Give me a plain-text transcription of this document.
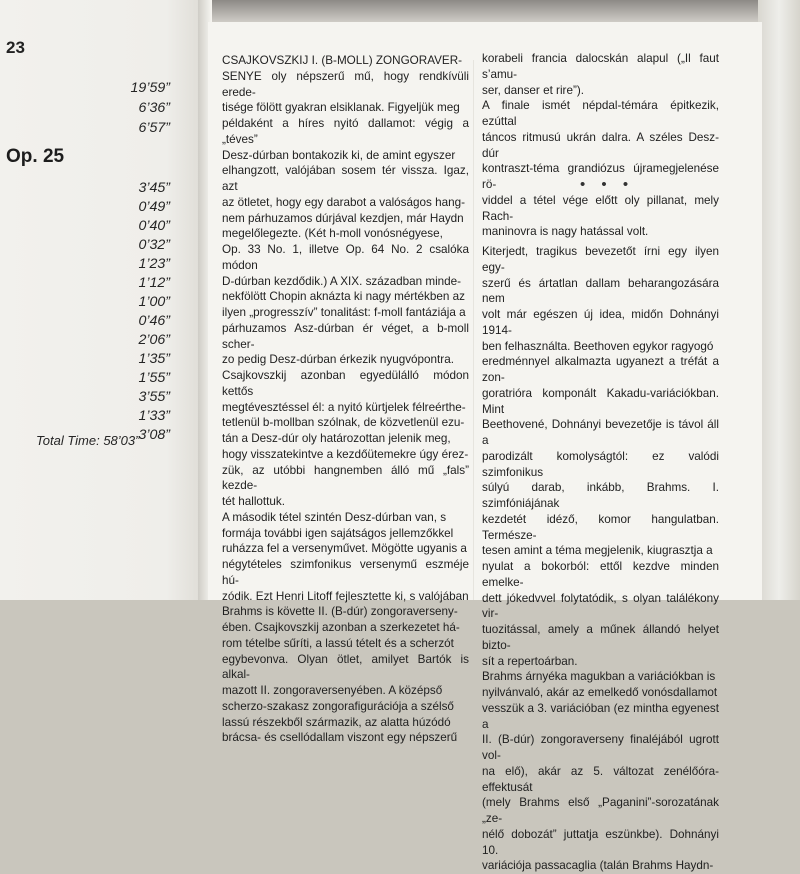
23
19’59”
6’36”
6’57”
Op. 25
3’45”
0’49”
0’40”
0’32”
1’23”
1’12”
1’00”
0’46”
2’06”
1’35”
1’55”
3’55”
1’33”
3’08”
Total Time: 58’03”

CSAJKOVSZKIJ I. (B-MOLL) ZONGORAVER-

SENYE oly népszerű mű, hogy rendkívüli erede-

tisége fölött gyakran elsiklanak. Figyeljük meg

példaként a híres nyitó dallamot: végig a „téves”

Desz-dúrban bontakozik ki, de amint egyszer

elhangzott, valójában sosem tér vissza. Igaz, azt

az ötletet, hogy egy darabot a valóságos hang-

nem párhuzamos dúrjával kezdjen, már Haydn

megelőlegezte. (Két h-moll vonósnégyese,

Op. 33 No. 1, illetve Op. 64 No. 2 csalóka módon

D-dúrban kezdődik.) A XIX. században minde-

nekfölött Chopin aknázta ki nagy mértékben az

ilyen „progresszív” tonalitást: f-moll fantáziája a

párhuzamos Asz-dúrban ér véget, a b-moll scher-

zo pedig Desz-dúrban érkezik nyugvópontra.

Csajkovszkij azonban egyedülálló módon kettős

megtévesztéssel él: a nyitó kürtjelek félreérthe-

tetlenül b-mollban szólnak, de közvetlenül ezu-

tán a Desz-dúr oly határozottan jelenik meg,

hogy visszatekintve a kezdőütemekre úgy érez-

zük, az utóbbi hangnemben álló mű „fals” kezde-

tét hallottuk.

A második tétel szintén Desz-dúrban van, s

formája további igen sajátságos jellemzőkkel

ruházza fel a versenyművet. Mögötte ugyanis a

négytételes szimfonikus versenymű eszméje hú-

zódik. Ezt Henri Litoff fejlesztette ki, s valójában

Brahms is követte II. (B-dúr) zongoraverseny-

ében. Csajkovszkij azonban a szerkezetet há-

rom tételbe sűríti, a lassú tételt és a scherzót

egybevonva. Olyan ötlet, amilyet Bartók is alkal-

mazott II. zongoraversenyében. A középső

scherzo-szakasz zongorafigurációja a szélső

lassú részekből származik, az alatta húzódó

brácsa- és csellódallam viszont egy népszerű

korabeli francia dalocskán alapul („Il faut s’amu-

ser, danser et rire”).

A finale ismét népdal-témára épitkezik, ezúttal

táncos ritmusú ukrán dalra. A széles Desz-dúr

kontraszt-téma grandiózus újramegjelenése rö-

viddel a tétel vége előtt oly pillanat, mely Rach-

maninovra is nagy hatással volt.

• • •

Kiterjedt, tragikus bevezetőt írni egy ilyen egy-

szerű és ártatlan dallam beharangozására nem

volt már egészen új idea, midőn Dohnányi 1914-

ben felhasználta. Beethoven egykor ragyogó

eredménnyel alkalmazta ugyanezt a tréfát a zon-

goratrióra komponált Kakadu-variációkban. Mint

Beethovené, Dohnányi bevezetője is távol áll a

parodizált komolyságtól: ez valódi szimfonikus

súlyú darab, inkább, Brahms. I. szimfóniájának

kezdetét idéző, komor hangulatban. Természe-

tesen amint a téma megjelenik, kiugrasztja a

nyulat a bokorból: ettől kezdve minden emelke-

dett jókedvvel folytatódik, s olyan találékony vir-

tuozitással, amely a műnek állandó helyet bizto-

sít a repertoárban.

Brahms árnyéka magukban a variációkban is

nyilvánvaló, akár az emelkedő vonósdallamot

vesszük a 3. variációban (ez mintha egyenest a

II. (B-dúr) zongoraverseny finaléjából ugrott vol-

na elő), akár az 5. változat zenélőóra-effektusát

(mely Brahms első „Paganini”-sorozatának „ze-

nélő dobozát” juttatja eszünkbe). Dohnányi 10.

variációja passacaglia (talán Brahms Haydn-
